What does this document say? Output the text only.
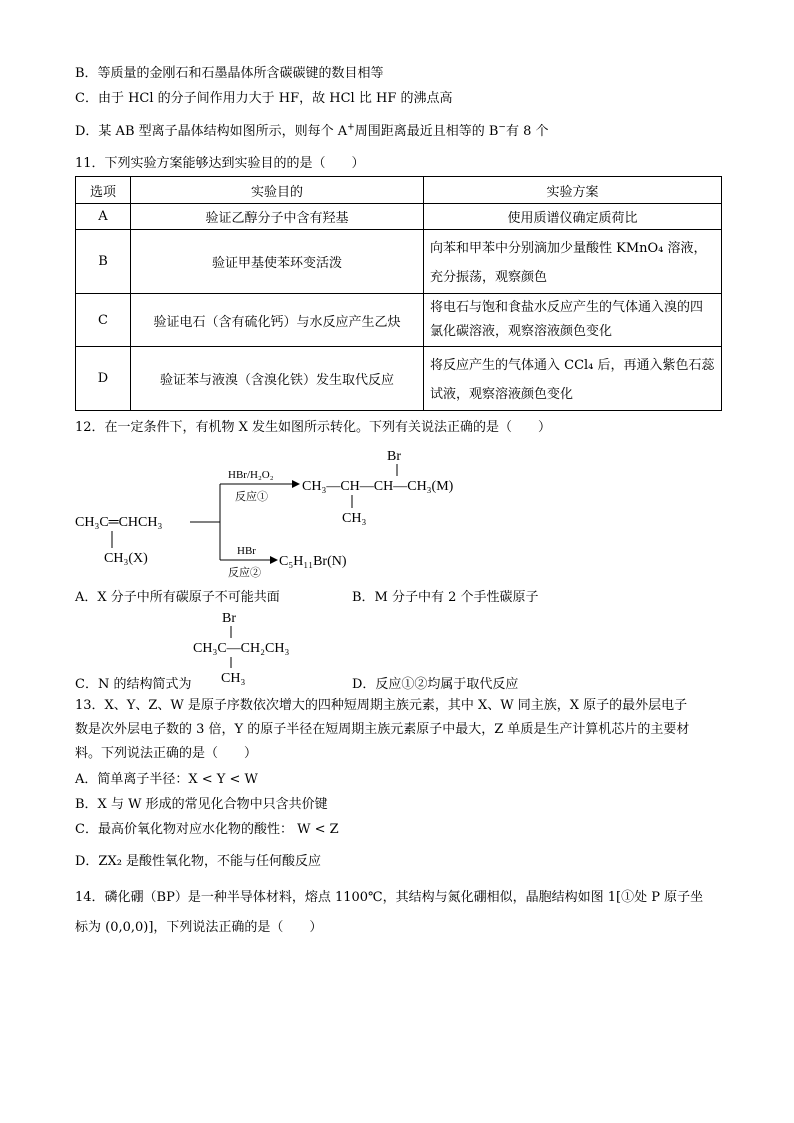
B．等质量的金刚石和石墨晶体所含碳碳键的数目相等
C．由于 HCl 的分子间作用力大于 HF，故 HCl 比 HF 的沸点高
D．某 AB 型离子晶体结构如图所示，则每个 A+周围距离最近且相等的 B−有 8 个
11．下列实验方案能够达到实验目的的是（　　）
选项	实验目的	实验方案
A	验证乙醇分子中含有羟基	使用质谱仪确定质荷比
B	验证甲基使苯环变活泼	向苯和甲苯中分别滴加少量酸性 KMnO₄ 溶液，
充分振荡，观察颜色

C	验证电石（含有硫化钙）与水反应产生乙炔	将电石与饱和食盐水反应产生的气体通入溴的四
氯化碳溶液，观察溶液颜色变化

D	验证苯与液溴（含溴化铁）发生取代反应	将反应产生的气体通入 CCl₄ 后，再通入紫色石蕊
试液，观察溶液颜色变化
12．在一定条件下，有机物 X 发生如图所示转化。下列有关说法正确的是（　　）
CH₃C═CHCH₃
CH₃(X)
HBr/H₂O₂
反应①
Br
CH₃—CH—CH—CH₃(M)
CH₃
HBr
反应②
C₅H₁₁Br(N)
A．X 分子中所有碳原子不可能共面	B．M 分子中有 2 个手性碳原子
C．N 的结构简式为
Br
CH₃C—CH₂CH₃
CH₃	D．反应①②均属于取代反应
13．X、Y、Z、W 是原子序数依次增大的四种短周期主族元素，其中 X、W 同主族，X 原子的最外层电子
数是次外层电子数的 3 倍，Y 的原子半径在短周期主族元素原子中最大，Z 单质是生产计算机芯片的主要材
料。下列说法正确的是（　　）
A．简单离子半径：X < Y < W
B．X 与 W 形成的常见化合物中只含共价键
C．最高价氧化物对应水化物的酸性： W < Z
D．ZX₂ 是酸性氧化物，不能与任何酸反应
14．磷化硼（BP）是一种半导体材料，熔点 1100℃，其结构与氮化硼相似，晶胞结构如图 1[①处 P 原子坐
标为 (0,0,0)]，下列说法正确的是（　　）
